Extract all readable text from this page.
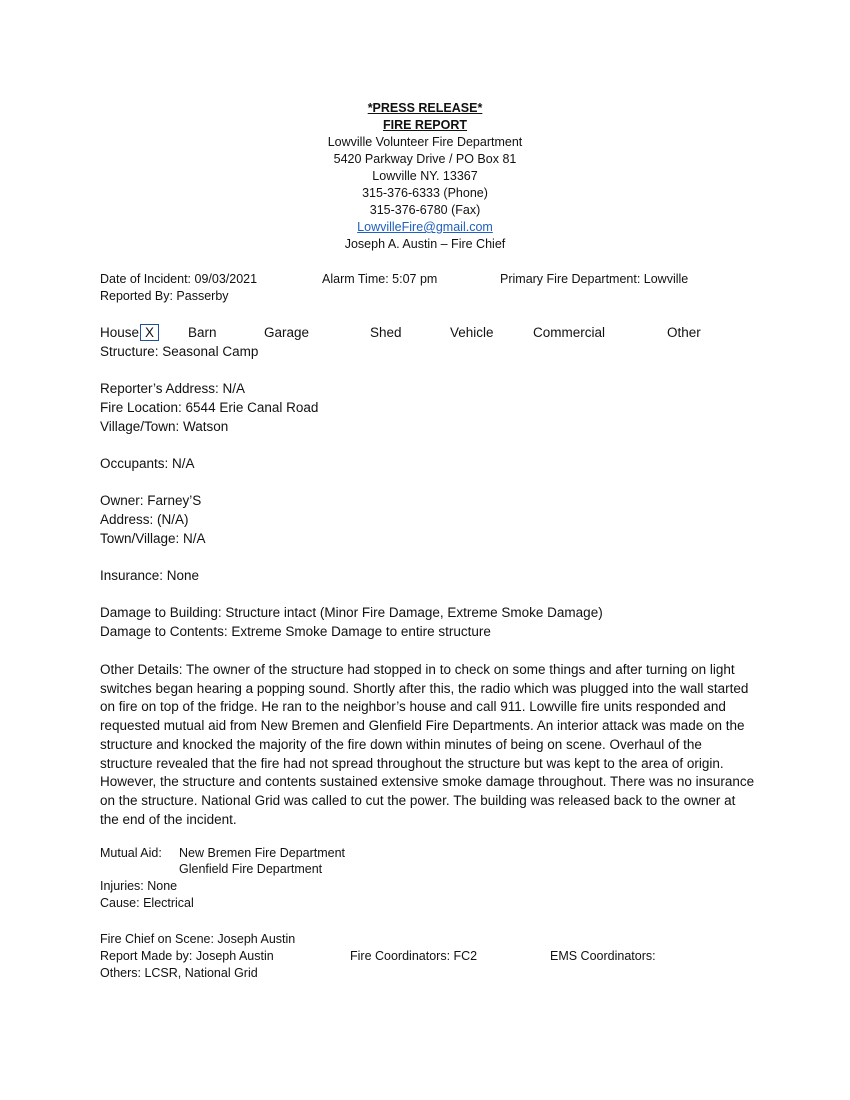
*PRESS RELEASE*
FIRE REPORT
Lowville Volunteer Fire Department
5420 Parkway Drive / PO Box 81
Lowville NY. 13367
315-376-6333 (Phone)
315-376-6780 (Fax)
LowvilleFire@gmail.com
Joseph A. Austin – Fire Chief
Date of Incident: 09/03/2021	Alarm Time: 5:07 pm	Primary Fire Department: Lowville
Reported By: Passerby
House X	Barn	Garage	Shed	Vehicle	Commercial	Other
Structure: Seasonal Camp
Reporter’s Address: N/A
Fire Location: 6544 Erie Canal Road
Village/Town: Watson
Occupants: N/A
Owner: Farney’S
Address: (N/A)
Town/Village: N/A
Insurance: None
Damage to Building: Structure intact (Minor Fire Damage, Extreme Smoke Damage)
Damage to Contents: Extreme Smoke Damage to entire structure
Other Details: The owner of the structure had stopped in to check on some things and after turning on light switches began hearing a popping sound. Shortly after this, the radio which was plugged into the wall started on fire on top of the fridge. He ran to the neighbor’s house and call 911. Lowville fire units responded and requested mutual aid from New Bremen and Glenfield Fire Departments. An interior attack was made on the structure and knocked the majority of the fire down within minutes of being on scene. Overhaul of the structure revealed that the fire had not spread throughout the structure but was kept to the area of origin. However, the structure and contents sustained extensive smoke damage throughout. There was no insurance on the structure. National Grid was called to cut the power. The building was released back to the owner at the end of the incident.
Mutual Aid: New Bremen Fire Department
Glenfield Fire Department
Injuries: None
Cause: Electrical
Fire Chief on Scene: Joseph Austin
Report Made by: Joseph Austin	Fire Coordinators: FC2	EMS Coordinators:
Others: LCSR, National Grid
